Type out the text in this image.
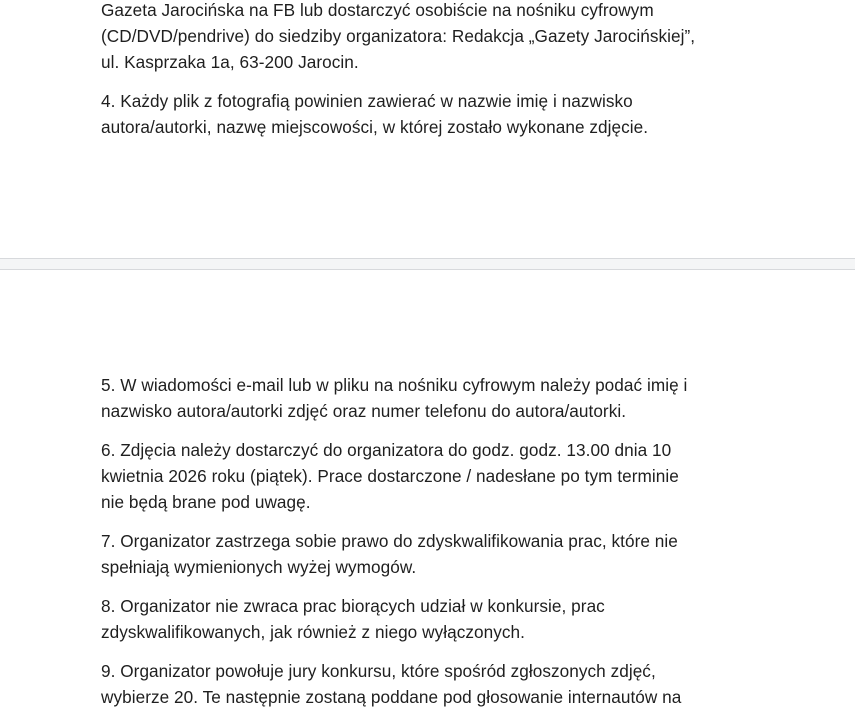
Gazeta Jarocińska na FB lub dostarczyć osobiście na nośniku cyfrowym
(CD/DVD/pendrive) do siedziby organizatora: Redakcja „Gazety Jarocińskiej”,
ul. Kasprzaka 1a, 63-200 Jarocin.

4. Każdy plik z fotografią powinien zawierać w nazwie imię i nazwisko
autora/autorki, nazwę miejscowości, w której zostało wykonane zdjęcie.

5. W wiadomości e-mail lub w pliku na nośniku cyfrowym należy podać imię i
nazwisko autora/autorki zdjęć oraz numer telefonu do autora/autorki.

6. Zdjęcia należy dostarczyć do organizatora do godz. godz. 13.00 dnia 10
kwietnia 2026 roku (piątek). Prace dostarczone / nadesłane po tym terminie
nie będą brane pod uwagę.

7. Organizator zastrzega sobie prawo do zdyskwalifikowania prac, które nie
spełniają wymienionych wyżej wymogów.

8. Organizator nie zwraca prac biorących udział w konkursie, prac
zdyskwalifikowanych, jak również z niego wyłączonych.

9. Organizator powołuje jury konkursu, które spośród zgłoszonych zdjęć,
wybierze 20. Te następnie zostaną poddane pod głosowanie internautów na
